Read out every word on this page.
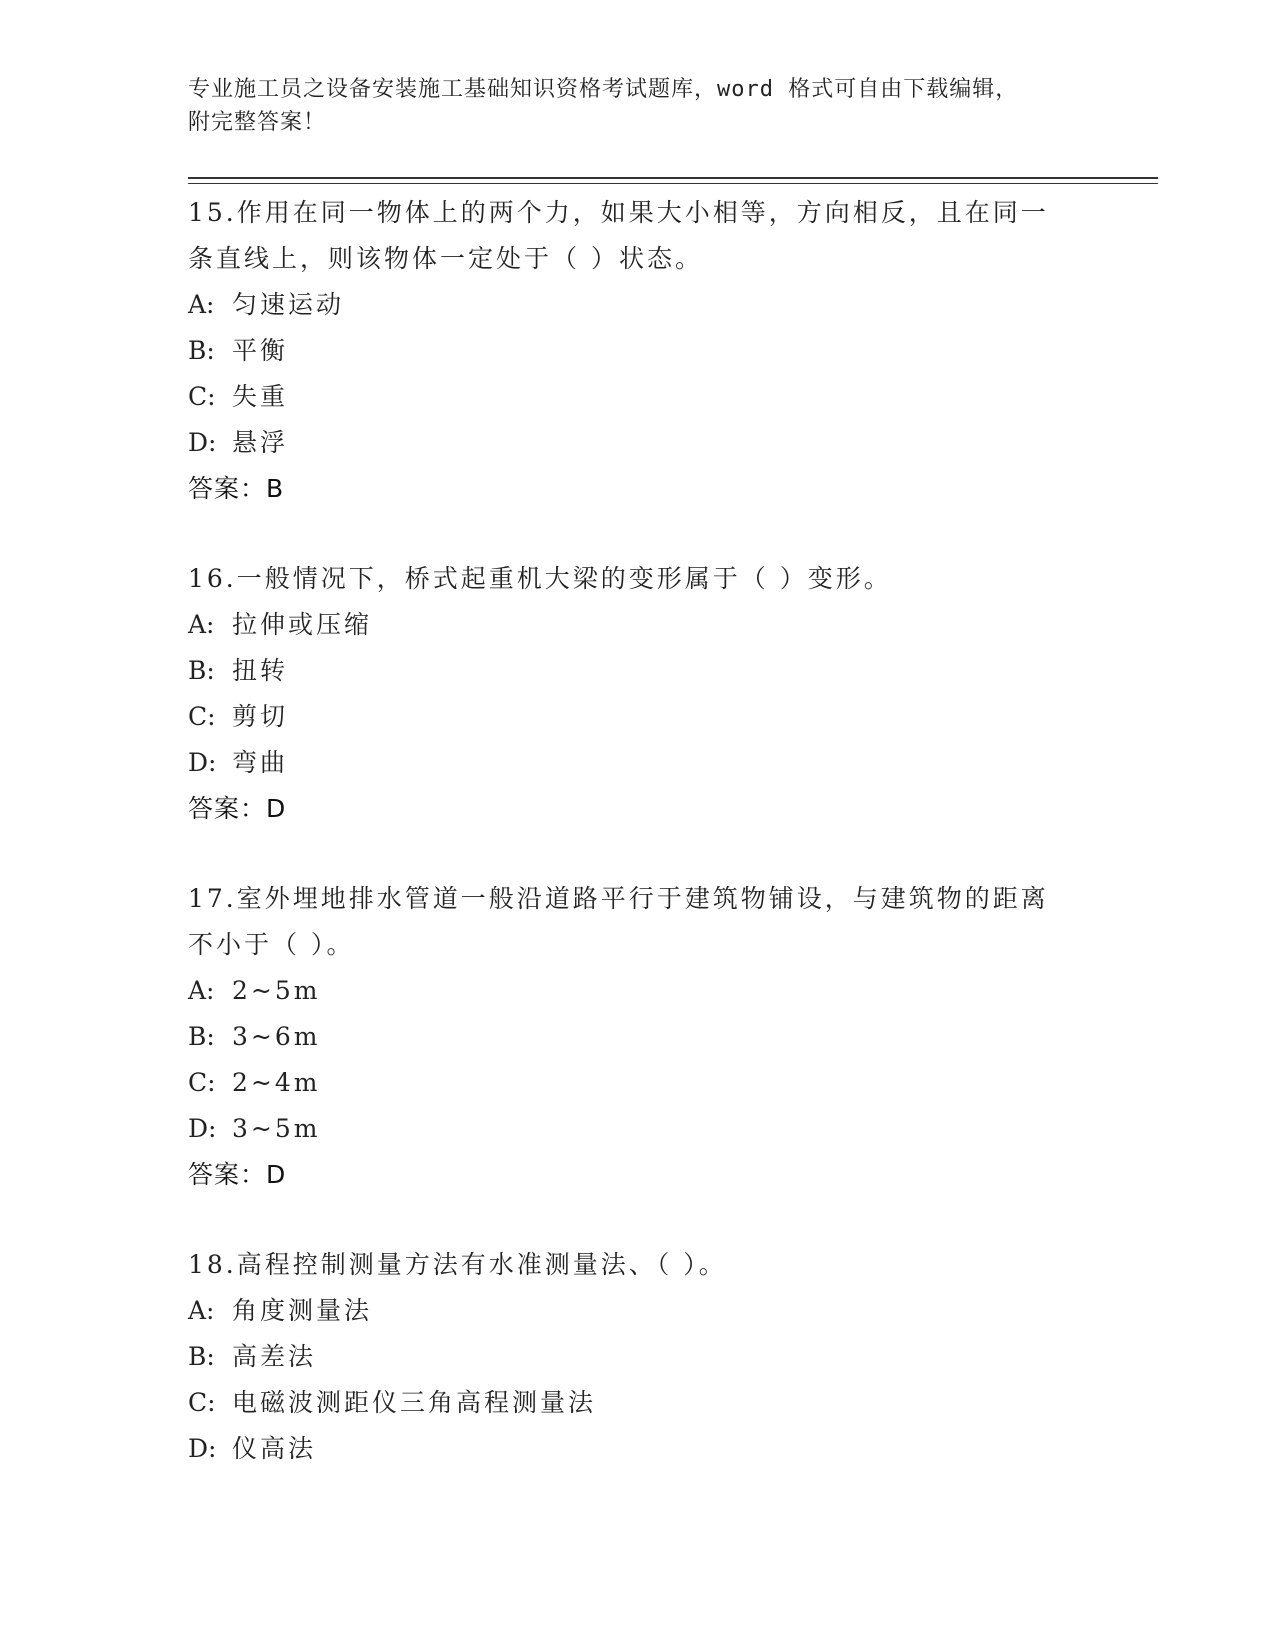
专业施工员之设备安装施工基础知识资格考试题库，word 格式可自由下载编辑，
附完整答案！
15.作用在同一物体上的两个力，如果大小相等，方向相反，且在同一
条直线上，则该物体一定处于（ ）状态。
A: 匀速运动
B: 平衡
C: 失重
D: 悬浮
答案：B
16.一般情况下，桥式起重机大梁的变形属于（ ）变形。
A: 拉伸或压缩
B: 扭转
C: 剪切
D: 弯曲
答案：D
17.室外埋地排水管道一般沿道路平行于建筑物铺设，与建筑物的距离
不小于（ ）。
A: 2~5m
B: 3~6m
C: 2~4m
D: 3~5m
答案：D
18.高程控制测量方法有水准测量法、（ ）。
A: 角度测量法
B: 高差法
C: 电磁波测距仪三角高程测量法
D: 仪高法
